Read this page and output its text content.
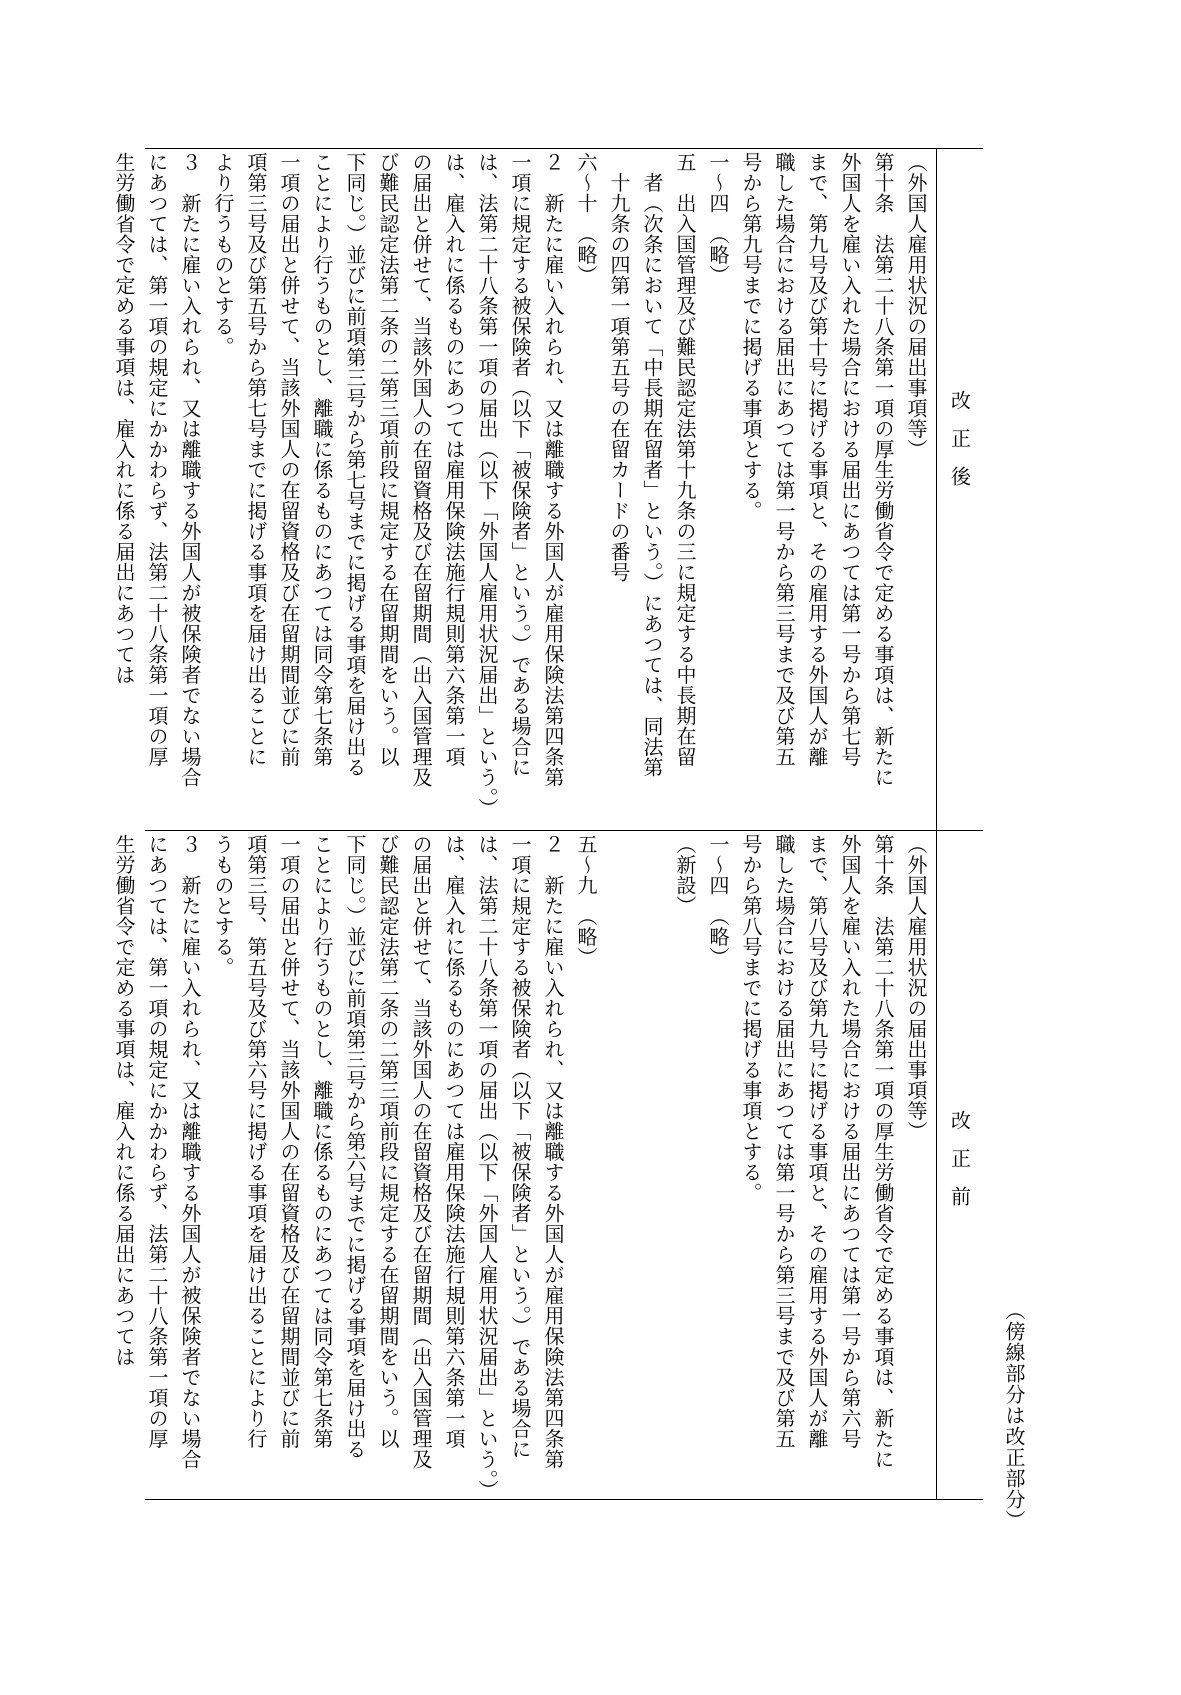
（傍線部分は改正部分）
改正後
改正前
（外国人雇用状況の届出事項等）
第十条　法第二十八条第一項の厚生労働省令で定める事項は、新たに
外国人を雇い入れた場合における届出にあつては第一号から第七号
まで、第九号及び第十号に掲げる事項と、その雇用する外国人が離
職した場合における届出にあつては第一号から第三号まで及び第五
号から第九号までに掲げる事項とする。
一～四　（略）
五　出入国管理及び難民認定法第十九条の三に規定する中長期在留
　者（次条において「中長期在留者」という。）にあつては、同法第
　十九条の四第一項第五号の在留カードの番号
六～十　（略）
２　新たに雇い入れられ、又は離職する外国人が雇用保険法第四条第
一項に規定する被保険者（以下「被保険者」という。）である場合に
は、法第二十八条第一項の届出（以下「外国人雇用状況届出」という。）
は、雇入れに係るものにあつては雇用保険法施行規則第六条第一項
の届出と併せて、当該外国人の在留資格及び在留期間（出入国管理及
び難民認定法第二条の二第三項前段に規定する在留期間をいう。以
下同じ。）並びに前項第三号から第七号までに掲げる事項を届け出る
ことにより行うものとし、離職に係るものにあつては同令第七条第
一項の届出と併せて、当該外国人の在留資格及び在留期間並びに前
項第三号及び第五号から第七号までに掲げる事項を届け出ることに
より行うものとする。
３　新たに雇い入れられ、又は離職する外国人が被保険者でない場合
にあつては、第一項の規定にかかわらず、法第二十八条第一項の厚
生労働省令で定める事項は、雇入れに係る届出にあつては
（外国人雇用状況の届出事項等）
第十条　法第二十八条第一項の厚生労働省令で定める事項は、新たに
外国人を雇い入れた場合における届出にあつては第一号から第六号
まで、第八号及び第九号に掲げる事項と、その雇用する外国人が離
職した場合における届出にあつては第一号から第三号まで及び第五
号から第八号までに掲げる事項とする。
一～四　（略）
（新設）

五～九　（略）
２　新たに雇い入れられ、又は離職する外国人が雇用保険法第四条第
一項に規定する被保険者（以下「被保険者」という。）である場合に
は、法第二十八条第一項の届出（以下「外国人雇用状況届出」という。）
は、雇入れに係るものにあつては雇用保険法施行規則第六条第一項
の届出と併せて、当該外国人の在留資格及び在留期間（出入国管理及
び難民認定法第二条の二第三項前段に規定する在留期間をいう。以
下同じ。）並びに前項第三号から第六号までに掲げる事項を届け出る
ことにより行うものとし、離職に係るものにあつては同令第七条第
一項の届出と併せて、当該外国人の在留資格及び在留期間並びに前
項第三号、第五号及び第六号に掲げる事項を届け出ることにより行
うものとする。
３　新たに雇い入れられ、又は離職する外国人が被保険者でない場合
にあつては、第一項の規定にかかわらず、法第二十八条第一項の厚
生労働省令で定める事項は、雇入れに係る届出にあつては
